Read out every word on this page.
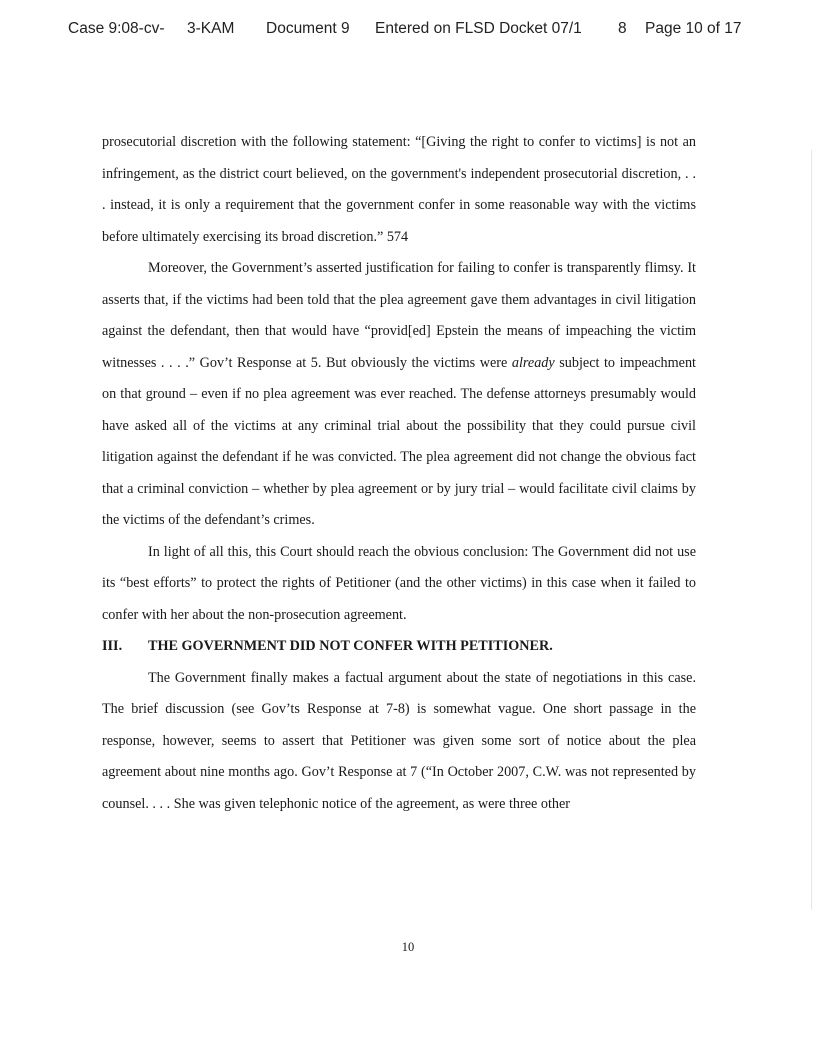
Case 9:08-cv- 3-KAM Document 9 Entered on FLSD Docket 07/1 8 Page 10 of 17

prosecutorial discretion with the following statement: “[Giving the right to confer to victims] is not an infringement, as the district court believed, on the government's independent prosecutorial discretion, . . . instead, it is only a requirement that the government confer in some reasonable way with the victims before ultimately exercising its broad discretion.” 574

Moreover, the Government’s asserted justification for failing to confer is transparently flimsy. It asserts that, if the victims had been told that the plea agreement gave them advantages in civil litigation against the defendant, then that would have “provid[ed] Epstein the means of impeaching the victim witnesses . . . .” Gov’t Response at 5. But obviously the victims were already subject to impeachment on that ground – even if no plea agreement was ever reached. The defense attorneys presumably would have asked all of the victims at any criminal trial about the possibility that they could pursue civil litigation against the defendant if he was convicted. The plea agreement did not change the obvious fact that a criminal conviction – whether by plea agreement or by jury trial – would facilitate civil claims by the victims of the defendant’s crimes.

In light of all this, this Court should reach the obvious conclusion: The Government did not use its “best efforts” to protect the rights of Petitioner (and the other victims) in this case when it failed to confer with her about the non-prosecution agreement.

III.	THE GOVERNMENT DID NOT CONFER WITH PETITIONER.

The Government finally makes a factual argument about the state of negotiations in this case. The brief discussion (see Gov’ts Response at 7-8) is somewhat vague. One short passage in the response, however, seems to assert that Petitioner was given some sort of notice about the plea agreement about nine months ago. Gov’t Response at 7 (“In October 2007, C.W. was not represented by counsel. . . . She was given telephonic notice of the agreement, as were three other

10
